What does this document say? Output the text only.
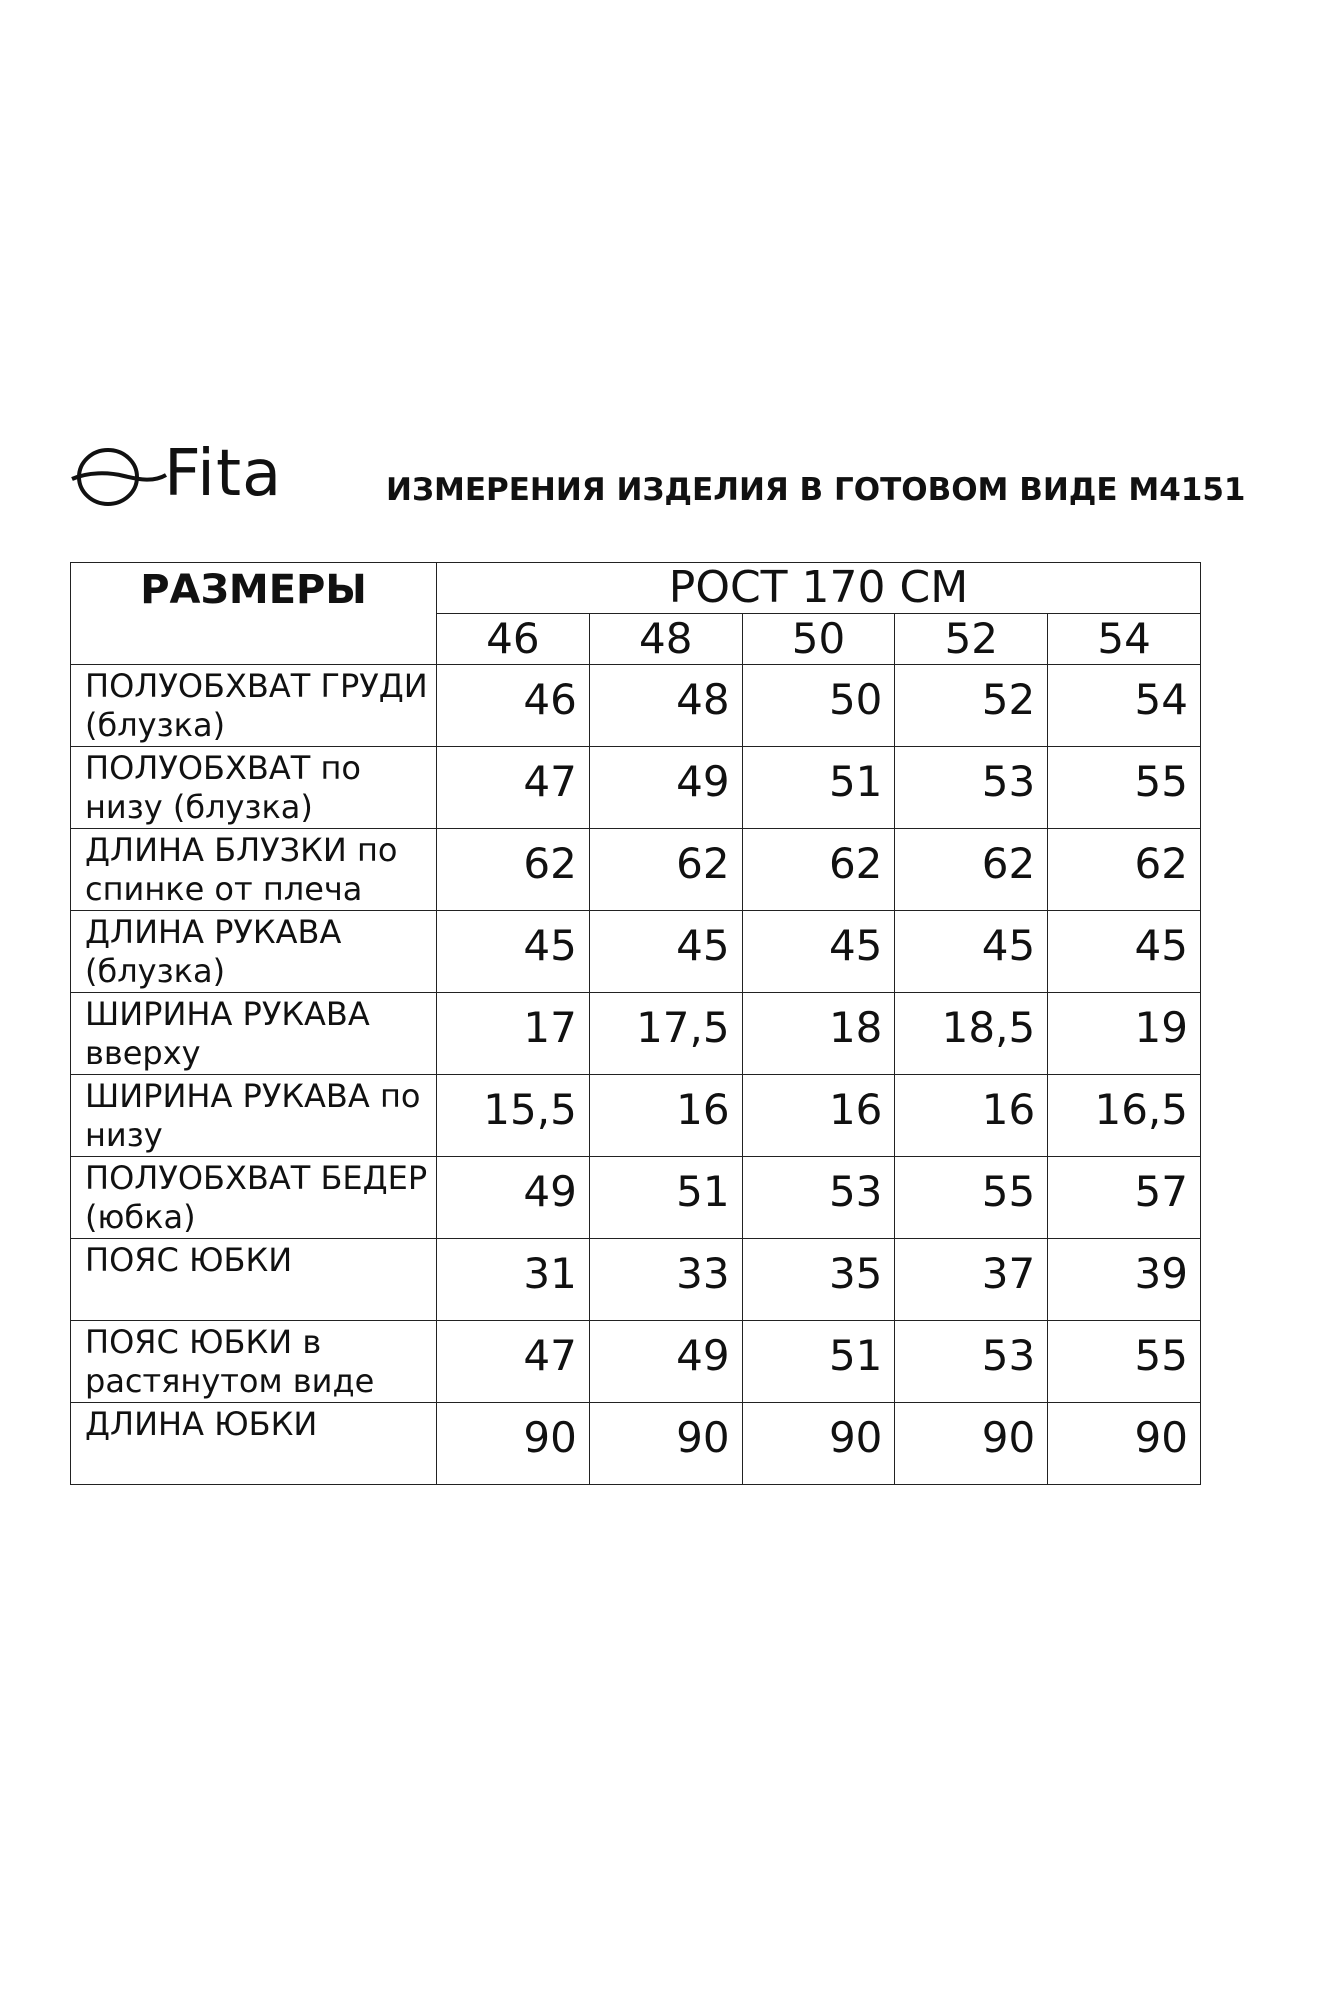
Fita	ИЗМЕРЕНИЯ ИЗДЕЛИЯ В ГОТОВОМ ВИДЕ М4151
РАЗМЕРЫ	РОСТ 170 СМ				
	46	48	50	52	54
ПОЛУОБХВАТ ГРУДИ (блузка)	46	48	50	52	54
ПОЛУОБХВАТ по низу (блузка)	47	49	51	53	55
ДЛИНА БЛУЗКИ по спинке от плеча	62	62	62	62	62
ДЛИНА РУКАВА (блузка)	45	45	45	45	45
ШИРИНА РУКАВА вверху	17	17,5	18	18,5	19
ШИРИНА РУКАВА по низу	15,5	16	16	16	16,5
ПОЛУОБХВАТ БЕДЕР (юбка)	49	51	53	55	57
ПОЯС ЮБКИ	31	33	35	37	39
ПОЯС ЮБКИ в растянутом виде	47	49	51	53	55
ДЛИНА ЮБКИ	90	90	90	90	90
